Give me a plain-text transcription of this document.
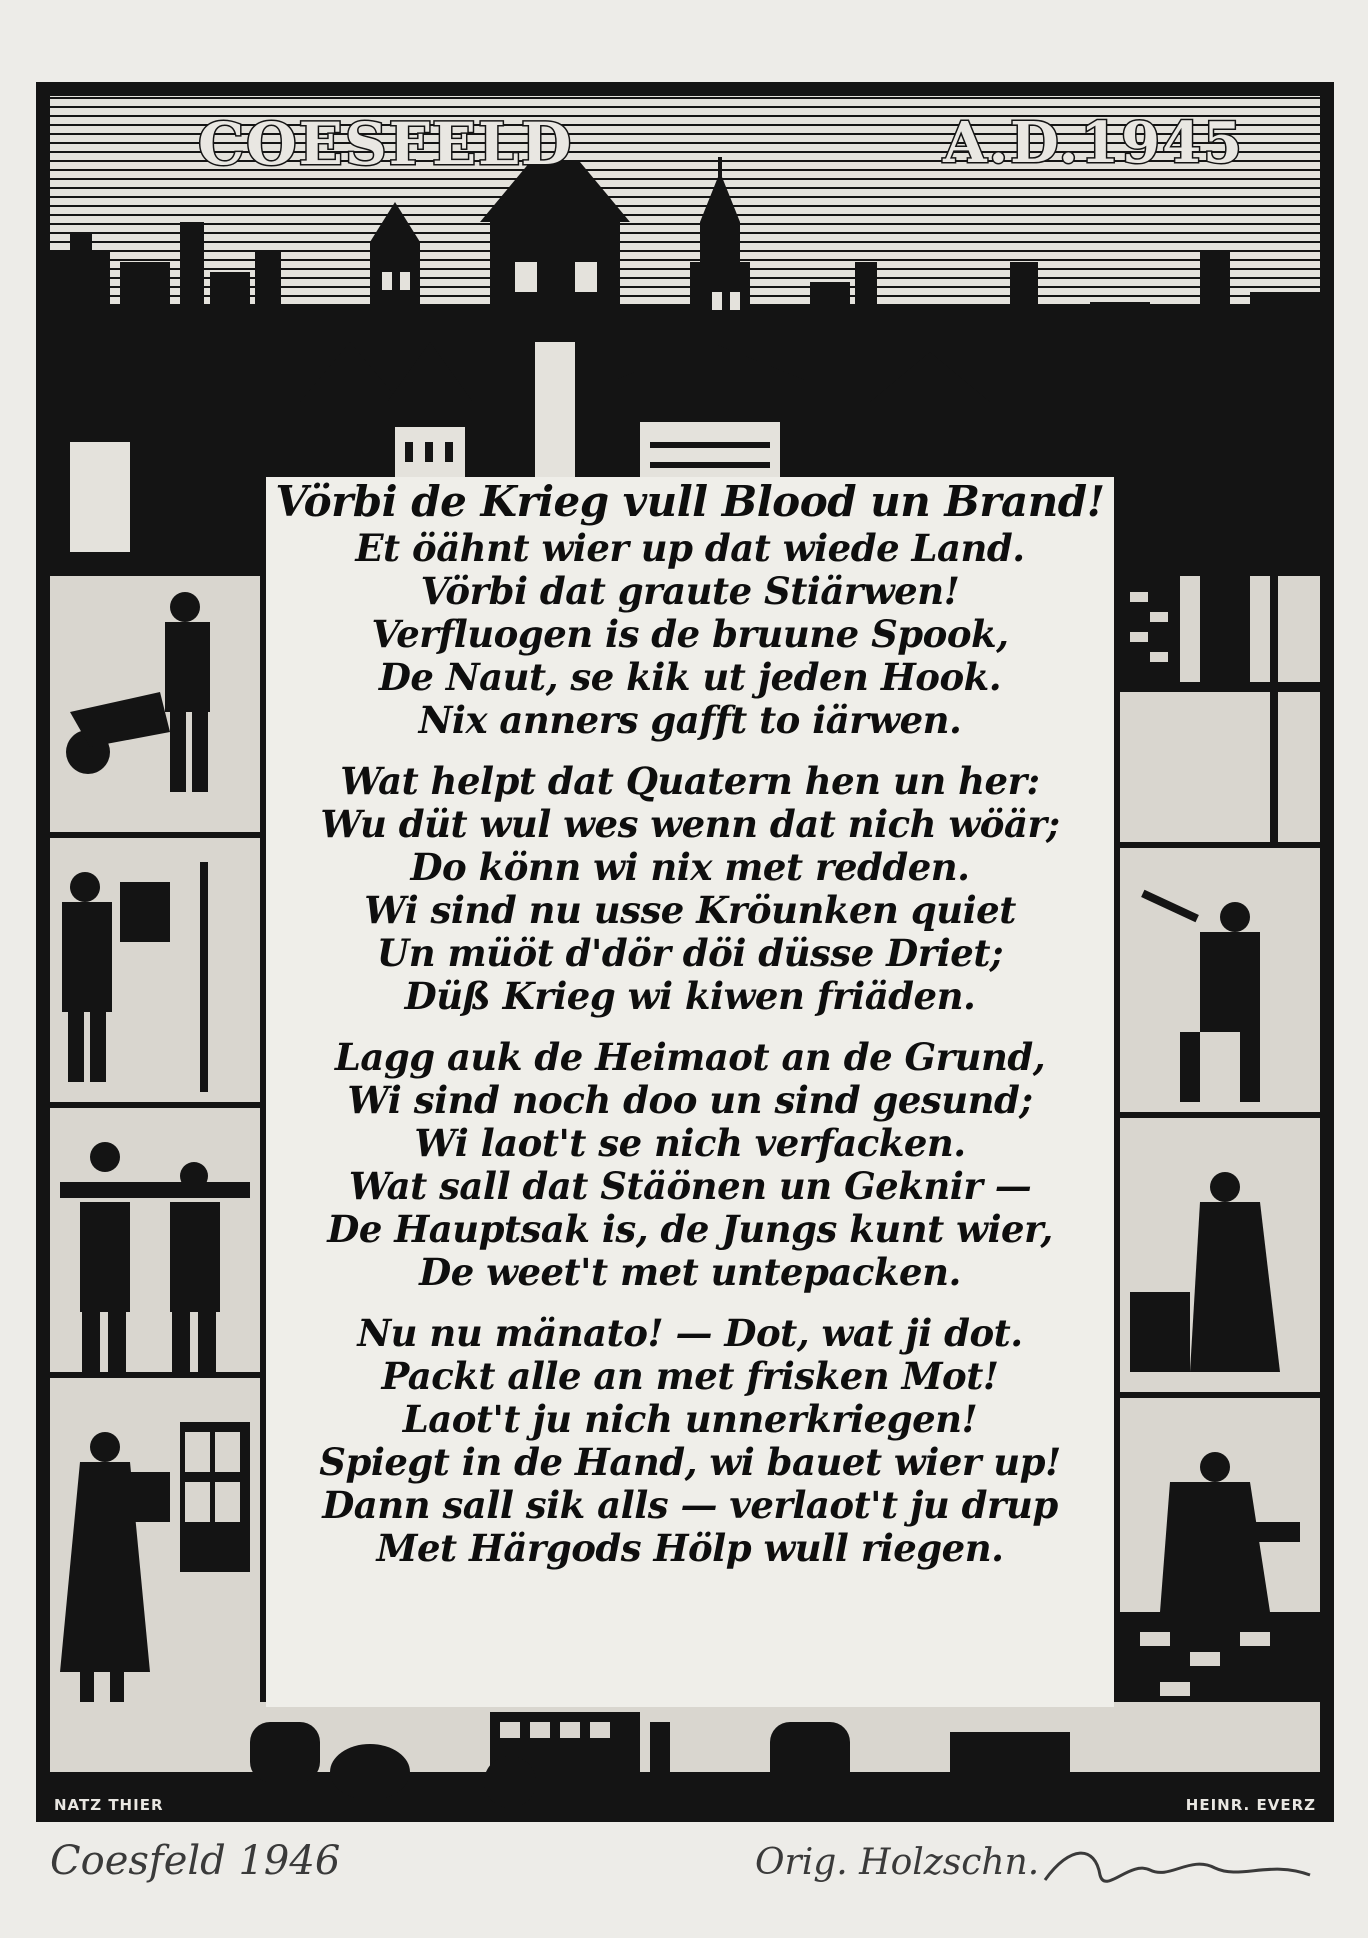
COESFELD	A.D.1945
Vörbi de Krieg vull Blood un Brand!
Et öähnt wier up dat wiede Land.
Vörbi dat graute Stiärwen!
Verfluogen is de bruune Spook,
De Naut, se kik ut jeden Hook.
Nix anners gafft to iärwen.
Wat helpt dat Quatern hen un her:
Wu düt wul wes wenn dat nich wöär;
Do könn wi nix met redden.
Wi sind nu usse Kröunken quiet
Un müöt d'dör döi düsse Driet;
Düß Krieg wi kiwen friäden.
Lagg auk de Heimaot an de Grund,
Wi sind noch doo un sind gesund;
Wi laot't se nich verfacken.
Wat sall dat Stäönen un Geknir —
De Hauptsak is, de Jungs kunt wier,
De weet't met untepacken.
Nu nu mänato! — Dot, wat ji dot.
Packt alle an met frisken Mot!
Laot't ju nich unnerkriegen!
Spiegt in de Hand, wi bauet wier up!
Dann sall sik alls — verlaot't ju drup
Met Härgods Hölp wull riegen.
NATZ THIER	HEINR. EVERZ
Coesfeld 1946	Orig. Holzschn.
